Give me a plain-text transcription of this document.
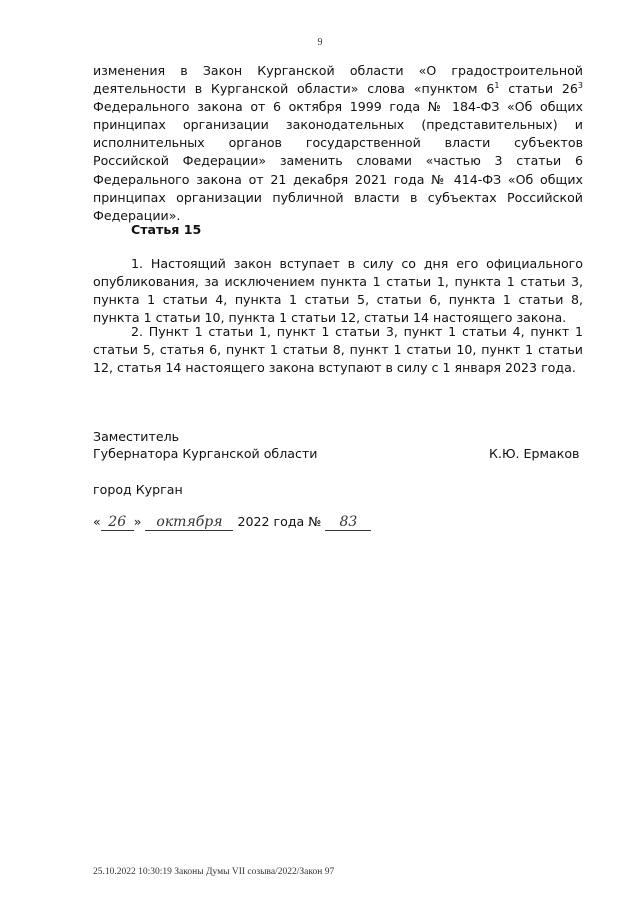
9
изменения в Закон Курганской области «О градостроительной деятельности в Курганской области» слова «пунктом $6^1$ статьи $26^3$ Федерального закона от 6 октября 1999 года № 184-ФЗ «Об общих принципах организации законодательных (представительных) и исполнительных органов государственной власти субъектов Российской Федерации» заменить словами «частью 3 статьи 6 Федерального закона от 21 декабря 2021 года № 414-ФЗ «Об общих принципах организации публичной власти в субъектах Российской Федерации».
Статья 15
1. Настоящий закон вступает в силу со дня его официального опубликования, за исключением пункта 1 статьи 1, пункта 1 статьи 3, пункта 1 статьи 4, пункта 1 статьи 5, статьи 6, пункта 1 статьи 8, пункта 1 статьи 10, пункта 1 статьи 12, статьи 14 настоящего закона.
2. Пункт 1 статьи 1, пункт 1 статьи 3, пункт 1 статьи 4, пункт 1 статьи 5, статья 6, пункт 1 статьи 8, пункт 1 статьи 10, пункт 1 статьи 12, статья 14 настоящего закона вступают в силу с 1 января 2023 года.
Заместитель
Губернатора Курганской области	К.Ю. Ермаков
город Курган
« 26 » октября 2022 года № 83
25.10.2022 10:30:19 Законы Думы VII созыва/2022/Закон 97
